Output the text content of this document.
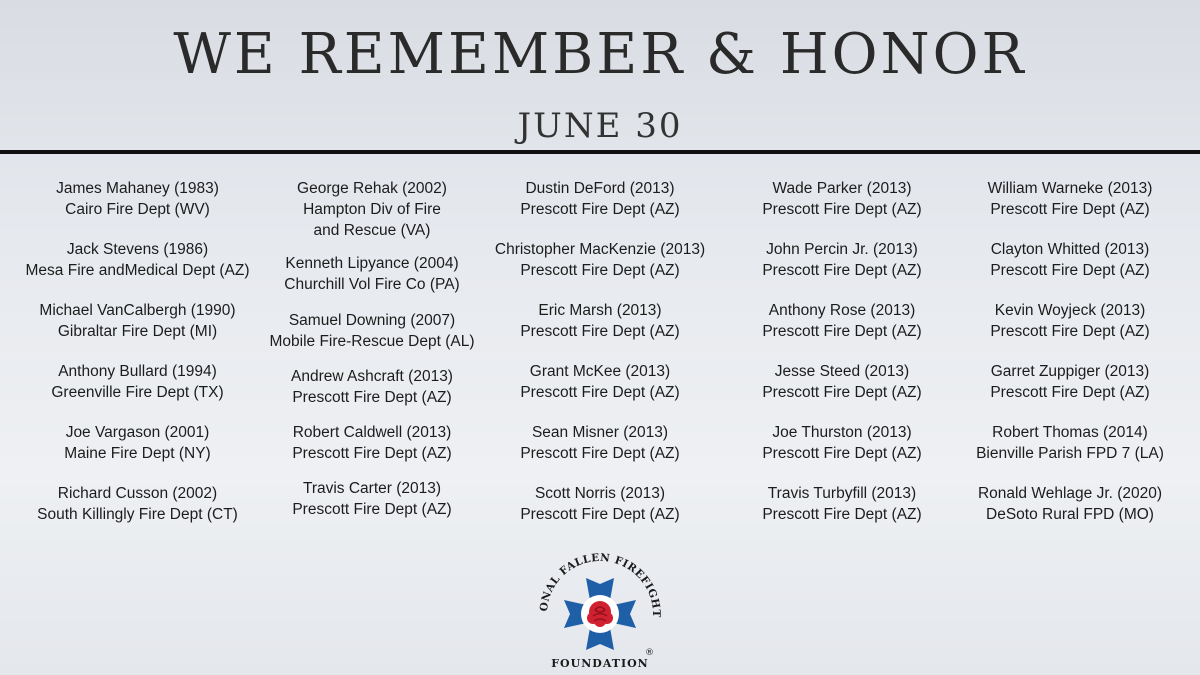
WE REMEMBER & HONOR
JUNE 30
James Mahaney (1983)
Cairo Fire Dept (WV)
Jack Stevens (1986)
Mesa Fire andMedical Dept (AZ)
Michael VanCalbergh (1990)
Gibraltar Fire Dept (MI)
Anthony Bullard (1994)
Greenville Fire Dept (TX)
Joe Vargason (2001)
Maine Fire Dept (NY)
Richard Cusson (2002)
South Killingly Fire Dept (CT)
George Rehak (2002)
Hampton Div of Fire
and Rescue (VA)
Kenneth Lipyance (2004)
Churchill Vol Fire Co (PA)
Samuel Downing (2007)
Mobile Fire-Rescue Dept (AL)
Andrew Ashcraft (2013)
Prescott Fire Dept (AZ)
Robert Caldwell (2013)
Prescott Fire Dept (AZ)
Travis Carter (2013)
Prescott Fire Dept (AZ)
Dustin DeFord (2013)
Prescott Fire Dept (AZ)
Christopher MacKenzie (2013)
Prescott Fire Dept (AZ)
Eric Marsh (2013)
Prescott Fire Dept (AZ)
Grant McKee (2013)
Prescott Fire Dept (AZ)
Sean Misner (2013)
Prescott Fire Dept (AZ)
Scott Norris (2013)
Prescott Fire Dept (AZ)
Wade Parker (2013)
Prescott Fire Dept (AZ)
John Percin Jr. (2013)
Prescott Fire Dept (AZ)
Anthony Rose (2013)
Prescott Fire Dept (AZ)
Jesse Steed (2013)
Prescott Fire Dept (AZ)
Joe Thurston (2013)
Prescott Fire Dept (AZ)
Travis Turbyfill (2013)
Prescott Fire Dept (AZ)
William Warneke (2013)
Prescott Fire Dept (AZ)
Clayton Whitted (2013)
Prescott Fire Dept (AZ)
Kevin Woyjeck (2013)
Prescott Fire Dept (AZ)
Garret Zuppiger (2013)
Prescott Fire Dept (AZ)
Robert Thomas (2014)
Bienville Parish FPD 7 (LA)
Ronald Wehlage Jr. (2020)
DeSoto Rural FPD (MO)
ONAL FALLEN FIREFIGHT
FOUNDATION
®
